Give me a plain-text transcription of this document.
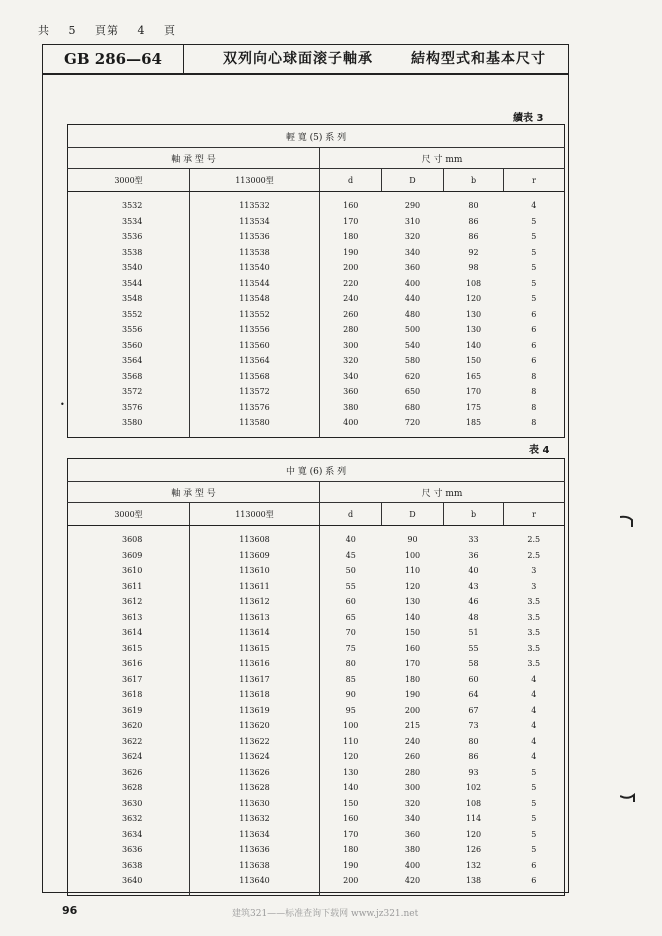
共 5 頁第 4 頁
GB 286—64	双列向心球面滚子軸承	結构型式和基本尺寸
續表 3
輕 寬 (5) 系 列					
軸 承 型 号		尺 寸 mm			
3000型	113000型	d	D	b	r
3532	113532	160	290	80	4
3534	113534	170	310	86	5
3536	113536	180	320	86	5
3538	113538	190	340	92	5
3540	113540	200	360	98	5
3544	113544	220	400	108	5
3548	113548	240	440	120	5
3552	113552	260	480	130	6
3556	113556	280	500	130	6
3560	113560	300	540	140	6
3564	113564	320	580	150	6
3568	113568	340	620	165	8
3572	113572	360	650	170	8
3576	113576	380	680	175	8
3580	113580	400	720	185	8
表 4
中 寬 (6) 系 列					
軸 承 型 号		尺 寸 mm			
3000型	113000型	d	D	b	r
3608	113608	40	90	33	2.5
3609	113609	45	100	36	2.5
3610	113610	50	110	40	3
3611	113611	55	120	43	3
3612	113612	60	130	46	3.5
3613	113613	65	140	48	3.5
3614	113614	70	150	51	3.5
3615	113615	75	160	55	3.5
3616	113616	80	170	58	3.5
3617	113617	85	180	60	4
3618	113618	90	190	64	4
3619	113619	95	200	67	4
3620	113620	100	215	73	4
3622	113622	110	240	80	4
3624	113624	120	260	86	4
3626	113626	130	280	93	5
3628	113628	140	300	102	5
3630	113630	150	320	108	5
3632	113632	160	340	114	5
3634	113634	170	360	120	5
3636	113636	180	380	126	5
3638	113638	190	400	132	6
3640	113640	200	420	138	6
•
96	建筑321——标准查询下载网 www.jz321.net
